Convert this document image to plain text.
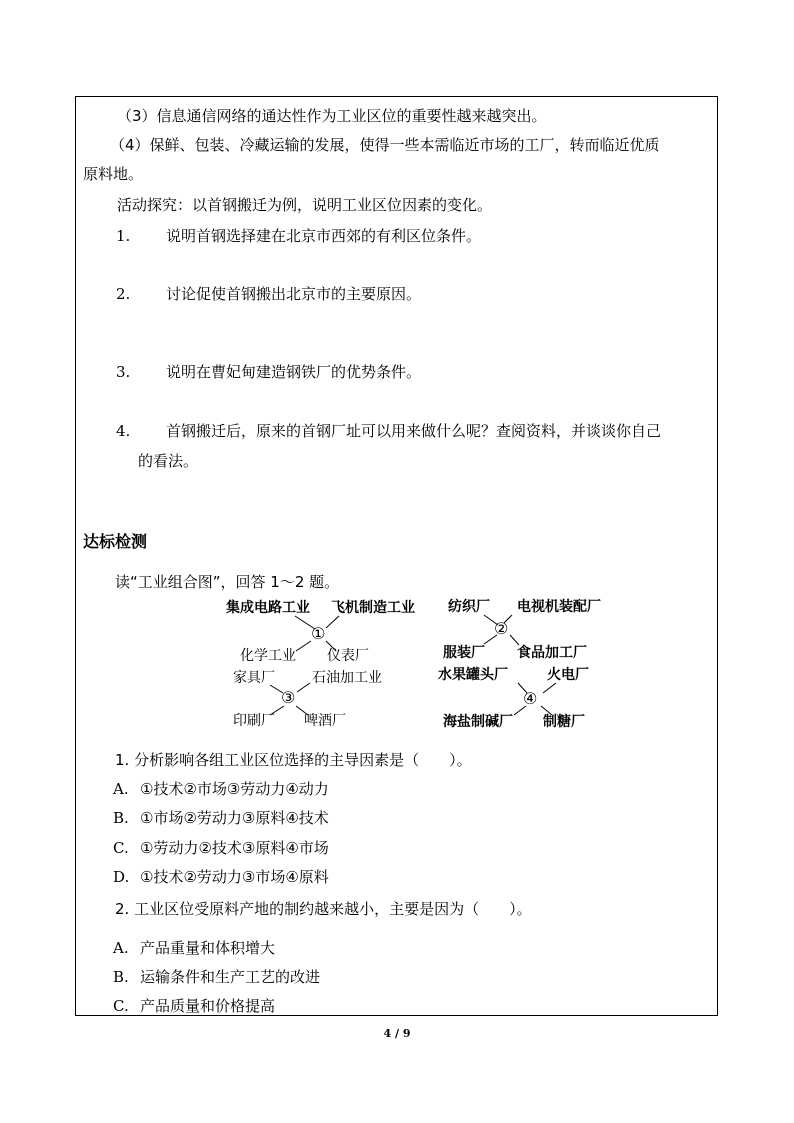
（3）信息通信网络的通达性作为工业区位的重要性越来越突出。
（4）保鲜、包装、冷藏运输的发展，使得一些本需临近市场的工厂，转而临近优质
原料地。
活动探究：以首钢搬迁为例，说明工业区位因素的变化。
1. 说明首钢选择建在北京市西郊的有利区位条件。
2. 讨论促使首钢搬出北京市的主要原因。
3. 说明在曹妃甸建造钢铁厂的优势条件。
4. 首钢搬迁后，原来的首钢厂址可以用来做什么呢？查阅资料，并谈谈你自己
的看法。
达标检测
读“工业组合图”，回答 1～2 题。
集成电路工业 飞机制造工业
①
化学工业 仪表厂
纺织厂 电视机装配厂
②
服装厂 食品加工厂
家具厂	石油加工业
③
印刷厂 啤酒厂
水果罐头厂	火电厂
④
海盐制碱厂 制糖厂
1. 分析影响各组工业区位选择的主导因素是（　　）。
A. ①技术②市场③劳动力④动力
B. ①市场②劳动力③原料④技术
C. ①劳动力②技术③原料④市场
D. ①技术②劳动力③市场④原料
2. 工业区位受原料产地的制约越来越小，主要是因为（　　）。
A. 产品重量和体积增大
B. 运输条件和生产工艺的改进
C. 产品质量和价格提高
4 / 9
